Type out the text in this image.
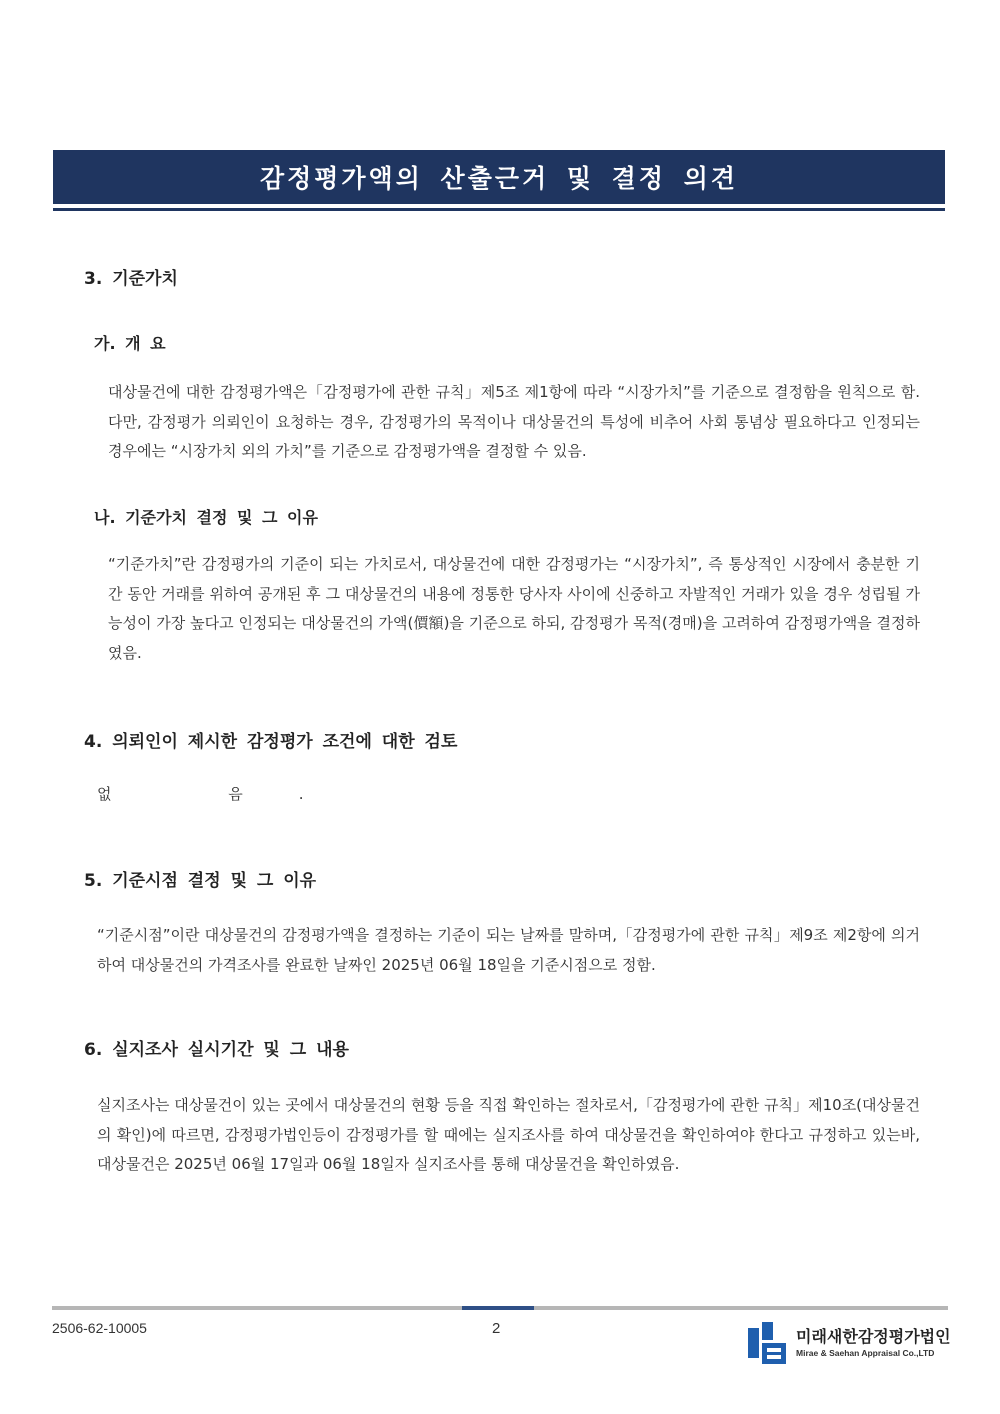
감정평가액의 산출근거 및 결정 의견
3. 기준가치
가. 개 요
대상물건에 대한 감정평가액은「감정평가에 관한 규칙」제5조 제1항에 따라 “시장가치”를 기준으로 결정함을 원칙으로 함. 다만, 감정평가 의뢰인이 요청하는 경우, 감정평가의 목적이나 대상물건의 특성에 비추어 사회 통념상 필요하다고 인정되는 경우에는 “시장가치 외의 가치”를 기준으로 감정평가액을 결정할 수 있음.
나. 기준가치 결정 및 그 이유
“기준가치”란 감정평가의 기준이 되는 가치로서, 대상물건에 대한 감정평가는 “시장가치”, 즉 통상적인 시장에서 충분한 기간 동안 거래를 위하여 공개된 후 그 대상물건의 내용에 정통한 당사자 사이에 신중하고 자발적인 거래가 있을 경우 성립될 가능성이 가장 높다고 인정되는 대상물건의 가액(價額)을 기준으로 하되, 감정평가 목적(경매)을 고려하여 감정평가액을 결정하였음.
4. 의뢰인이 제시한 감정평가 조건에 대한 검토
없 음.
5. 기준시점 결정 및 그 이유
“기준시점”이란 대상물건의 감정평가액을 결정하는 기준이 되는 날짜를 말하며,「감정평가에 관한 규칙」제9조 제2항에 의거하여 대상물건의 가격조사를 완료한 날짜인 2025년 06월 18일을 기준시점으로 정함.
6. 실지조사 실시기간 및 그 내용
실지조사는 대상물건이 있는 곳에서 대상물건의 현황 등을 직접 확인하는 절차로서,「감정평가에 관한 규칙」제10조(대상물건의 확인)에 따르면, 감정평가법인등이 감정평가를 할 때에는 실지조사를 하여 대상물건을 확인하여야 한다고 규정하고 있는바, 대상물건은 2025년 06월 17일과 06월 18일자 실지조사를 통해 대상물건을 확인하였음.
2506-62-10005	2	미래새한감정평가법인
Mirae & Saehan Appraisal Co.,LTD
